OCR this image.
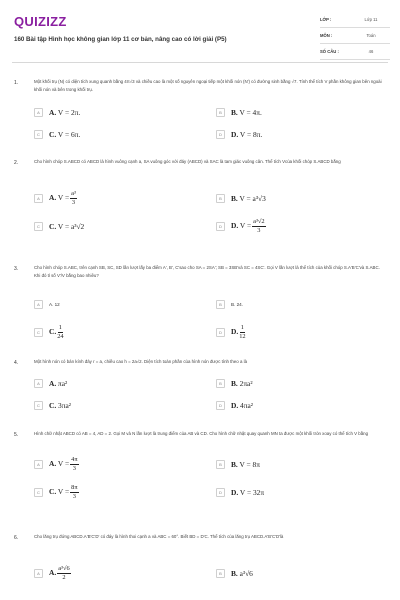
QUIZIZZ
160 Bài tập Hình học không gian lớp 11 cơ bản, nâng cao có lời giải (P5)
LỚP :	Lớp 11
MÔN :	Toán
SỐ CÂU :	46
1.	Một khối trụ (N) có diện tích xung quanh bằng 4π√3 và chiều cao là một số nguyên ngoại tiếp một khối nón (N') có đường sinh bằng √7. Tính thể tích V phần không gian bên ngoài khối nón và bên trong khối trụ.
A	A. V = 2π.	B	B. V = 4π.
C	C. V = 6π.	D	D. V = 8π.
2.	Cho hình chóp S.ABCD có ABCD là hình vuông cạnh a, SA vuông góc với đáy (ABCD) và SAC là tam giác vuông cân. Thể tích Vcủa khối chóp S.ABCD bằng
A	A. $V = \frac{\text{a³}}{3}$	B	B. V = a³√3
C	C. V = a³√2	D	D. $V = \frac{\text{a³√2}}{3}$
3.	Cho hình chóp S.ABC, trên cạnh SB, SC, SD lần lượt lấy ba điểm A', B', C'sao cho SA = 2SA'; SB = 3SB'và SC = 4SC'. Gọi V lần lượt là thể tích của khối chóp S.A'B'C'và S.ABC. Khi đó tỉ số V'/V bằng bao nhiêu?
A	A. 12	B	B. 24.
C	C. $\frac{1}{24}$	D	D. $\frac{1}{12}$
4.	Một hình nón có bán kính đáy r = a, chiều cao h = 2a√2. Diện tích toàn phần của hình nón được tính theo a là
A	A. πa²	B	B. 2πa²
C	C. 3πa²	D	D. 4πa²
5.	Hình chữ nhật ABCD có AB = 4, AD = 2. Gọi M và N lần lượt là trung điểm của AB và CD. Cho hình chữ nhật quay quanh MN ta được một khối tròn xoay có thể tích V bằng
A	A. $V = \frac{4\pi}{3}$	B	B. V = 8π
C	C. $V = \frac{8\pi}{3}$	D	D. V = 32π
6.	Cho lăng trụ đứng ABCD.A'B'C'D' có đáy là hình thoi cạnh a và ABC = 60°. Biết BD = D'C. Thể tích của lăng trụ ABCD.A'B'C'D'là
A	A. $\frac{\text{a³√6}}{2}$	B	B. a³√6
